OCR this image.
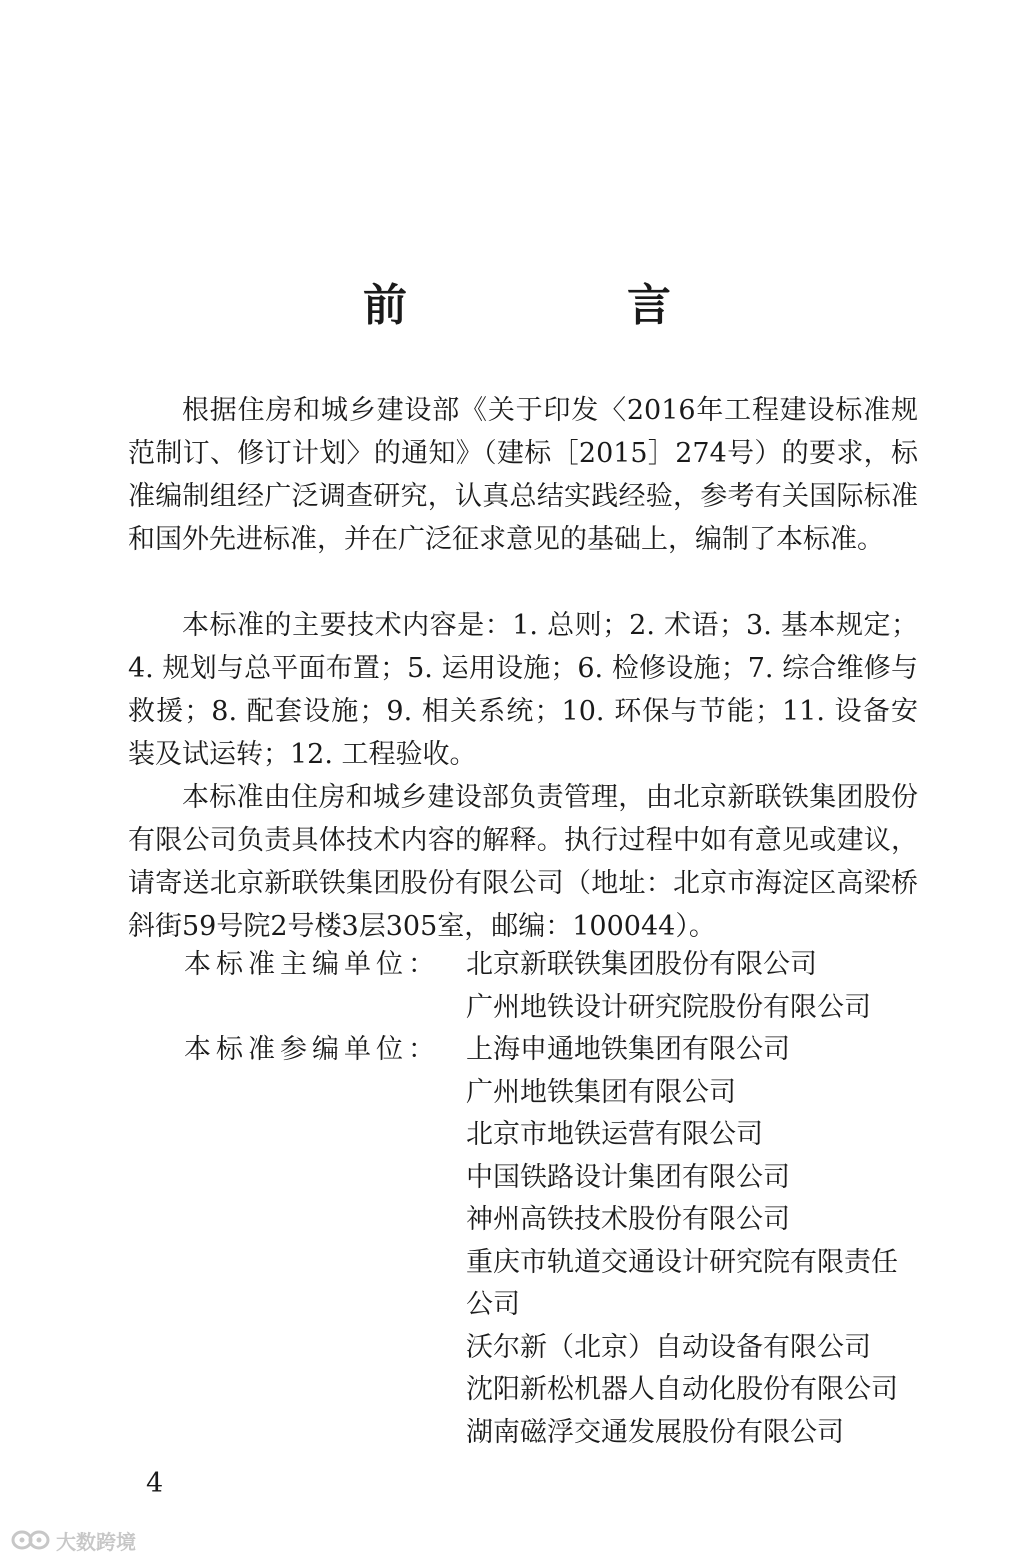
前　言

根据住房和城乡建设部《关于印发〈2016年工程建设标准规范制订、修订计划〉的通知》（建标［2015］274号）的要求，标准编制组经广泛调查研究，认真总结实践经验，参考有关国际标准和国外先进标准，并在广泛征求意见的基础上，编制了本标准。

本标准的主要技术内容是：1. 总则；2. 术语；3. 基本规定；4. 规划与总平面布置；5. 运用设施；6. 检修设施；7. 综合维修与救援；8. 配套设施；9. 相关系统；10. 环保与节能；11. 设备安装及试运转；12. 工程验收。

本标准由住房和城乡建设部负责管理，由北京新联铁集团股份有限公司负责具体技术内容的解释。执行过程中如有意见或建议，请寄送北京新联铁集团股份有限公司（地址：北京市海淀区高梁桥斜街59号院2号楼3层305室，邮编：100044）。

本标准主编单位： 北京新联铁集团股份有限公司
广州地铁设计研究院股份有限公司
本标准参编单位： 上海申通地铁集团有限公司
广州地铁集团有限公司
北京市地铁运营有限公司
中国铁路设计集团有限公司
神州高铁技术股份有限公司
重庆市轨道交通设计研究院有限责任公司
沃尔新（北京）自动设备有限公司
沈阳新松机器人自动化股份有限公司
湖南磁浮交通发展股份有限公司
4
大数跨境
